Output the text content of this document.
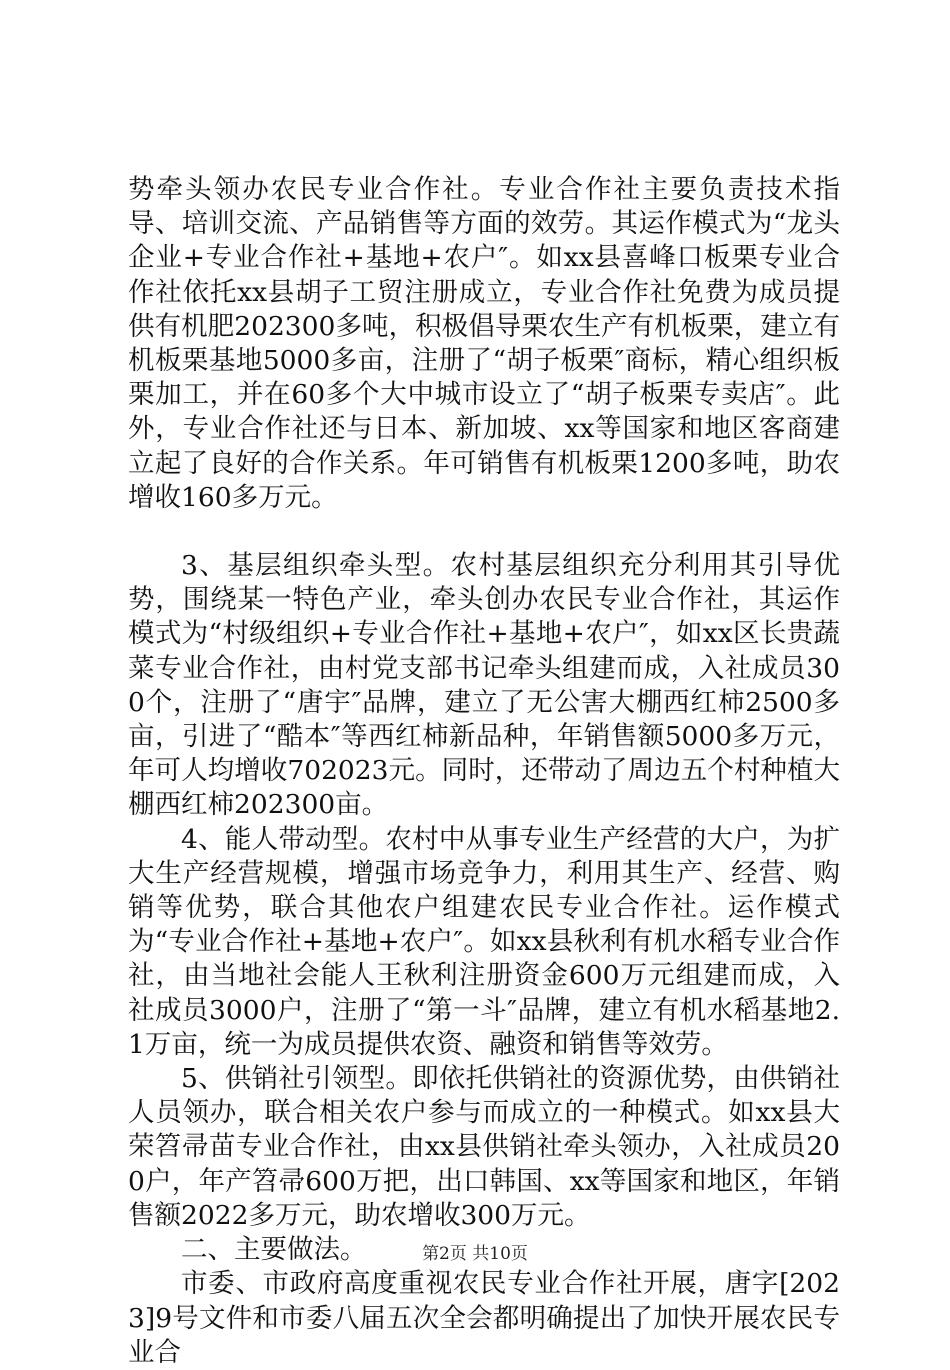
势牵头领办农民专业合作社。专业合作社主要负责技术指导、培训交流、产品销售等方面的效劳。其运作模式为“龙头企业+专业合作社+基地+农户″。如xx县喜峰口板栗专业合作社依托xx县胡子工贸注册成立，专业合作社免费为成员提供有机肥202300多吨，积极倡导栗农生产有机板栗，建立有机板栗基地5000多亩，注册了“胡子板栗″商标，精心组织板栗加工，并在60多个大中城市设立了“胡子板栗专卖店″。此外，专业合作社还与日本、新加坡、xx等国家和地区客商建立起了良好的合作关系。年可销售有机板栗1200多吨，助农增收160多万元。

3、基层组织牵头型。农村基层组织充分利用其引导优势，围绕某一特色产业，牵头创办农民专业合作社，其运作模式为“村级组织+专业合作社+基地+农户″，如xx区长贵蔬菜专业合作社，由村党支部书记牵头组建而成，入社成员300个，注册了“唐宇″品牌，建立了无公害大棚西红柿2500多亩，引进了“酷本″等西红柿新品种，年销售额5000多万元，年可人均增收702023元。同时，还带动了周边五个村种植大棚西红柿202300亩。

4、能人带动型。农村中从事专业生产经营的大户，为扩大生产经营规模，增强市场竞争力，利用其生产、经营、购销等优势，联合其他农户组建农民专业合作社。运作模式为“专业合作社+基地+农户″。如xx县秋利有机水稻专业合作社，由当地社会能人王秋利注册资金600万元组建而成，入社成员3000户，注册了“第一斗″品牌，建立有机水稻基地2.1万亩，统一为成员提供农资、融资和销售等效劳。

5、供销社引领型。即依托供销社的资源优势，由供销社人员领办，联合相关农户参与而成立的一种模式。如xx县大荣笤帚苗专业合作社，由xx县供销社牵头领办，入社成员200户，年产笤帚600万把，出口韩国、xx等国家和地区，年销售额2022多万元，助农增收300万元。

二、主要做法。

市委、市政府高度重视农民专业合作社开展，唐字[2023]9号文件和市委八届五次全会都明确提出了加快开展农民专业合

第2页 共10页
